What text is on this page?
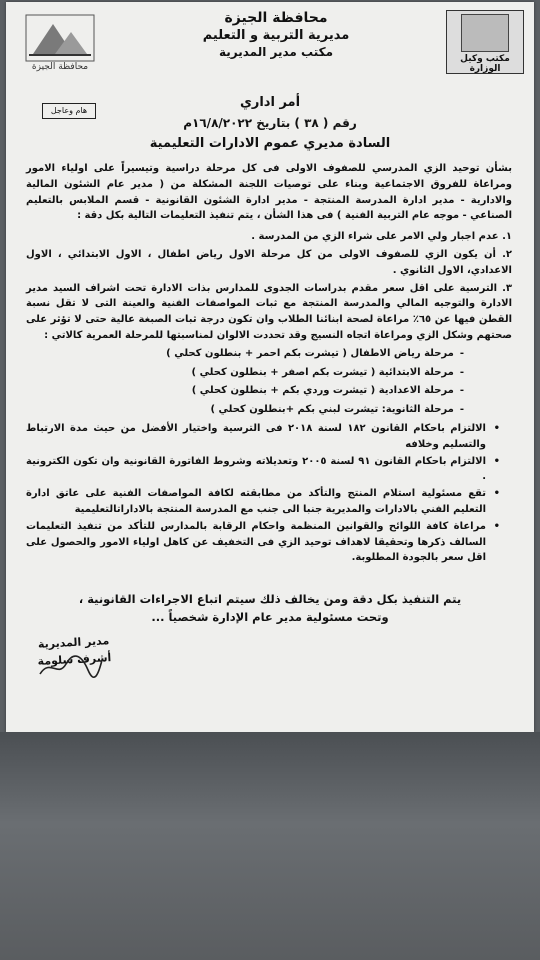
مكتب وكيل الوزارة
محافظة الجيزة
مديرية التربية و التعليم
مكتب مدير المديرية
محافظة الجيزة
هام وعاجل
أمر اداري
رقم ( ٣٨ ) بتاريخ ١٦/٨/٢٠٢٢م
السادة مديري عموم الادارات التعليمية

بشأن توحيد الزي المدرسي للصفوف الاولى فى كل مرحلة دراسية وتيسيراً على اولياء الامور ومراعاة للفروق الاجتماعية وبناء على توصيات اللجنة المشكلة من ( مدير عام الشئون المالية والادارية - مدير ادارة المدرسة المنتجة - مدير ادارة الشئون القانونية - قسم الملابس بالتعليم الصناعي - موجه عام التربية الفنية ) فى هذا الشأن ، يتم تنفيذ التعليمات التالية بكل دقة :

١. عدم اجبار ولي الامر على شراء الزي من المدرسة .

٢. أن يكون الزي للصفوف الاولى من كل مرحلة الاول رياض اطفال ، الاول الابتدائي ، الاول الاعدادي، الاول الثانوي .

٣. الترسية على اقل سعر مقدم بدراسات الجدوى للمدارس بذات الادارة تحت اشراف السيد مدير الادارة والتوجيه المالي والمدرسة المنتجة مع ثبات المواصفات الفنية والعينة التى لا تقل نسبة القطن فيها عن ٦٥٪ مراعاة لصحة ابنائنا الطلاب وان تكون درجة ثبات الصبغة عالية حتى لا تؤثر على صحتهم وشكل الزي ومراعاة اتجاه النسيج وقد تحددت الالوان لمناسبتها للمرحلة العمرية كالاتي :

-مرحلة رياض الاطفال ( تيشرت بكم احمر + بنطلون كحلي )

-مرحلة الابتدائية ( تيشرت بكم اصفر + بنطلون كحلي )

-مرحلة الاعدادية ( تيشرت وردي بكم + بنطلون كحلي )

-مرحلة الثانوية: تيشرت لبني بكم +بنطلون كحلي )

•
الالتزام باحكام القانون ١٨٢ لسنة ٢٠١٨ فى الترسية واختيار الأفضل من حيث مدة الارتباط والتسليم وخلافه

•
الالتزام باحكام القانون ٩١ لسنة ٢٠٠٥ وتعديلاته وشروط الفاتورة القانونية وان تكون الكترونية .

•
تقع مسئولية استلام المنتج والتأكد من مطابقته لكافة المواصفات الفنية على عاتق ادارة التعليم الفني بالادارات والمديرية جنبا الى جنب مع المدرسة المنتجة بالاداراتالتعليمية

•
مراعاة كافة اللوائح والقوانين المنظمة واحكام الرقابة بالمدارس للتأكد من تنفيذ التعليمات السالف ذكرها وتحقيقا لاهداف توحيد الزي فى التخفيف عن كاهل اولياء الامور والحصول على اقل سعر بالجودة المطلوبة.

يتم التنفيذ بكل دقة ومن يخالف ذلك سيتم اتباع الاجراءات القانونية ،
وتحت مسئولية مدير عام الإدارة شخصياً ...
مدير المديرية
أشرف سلومة
